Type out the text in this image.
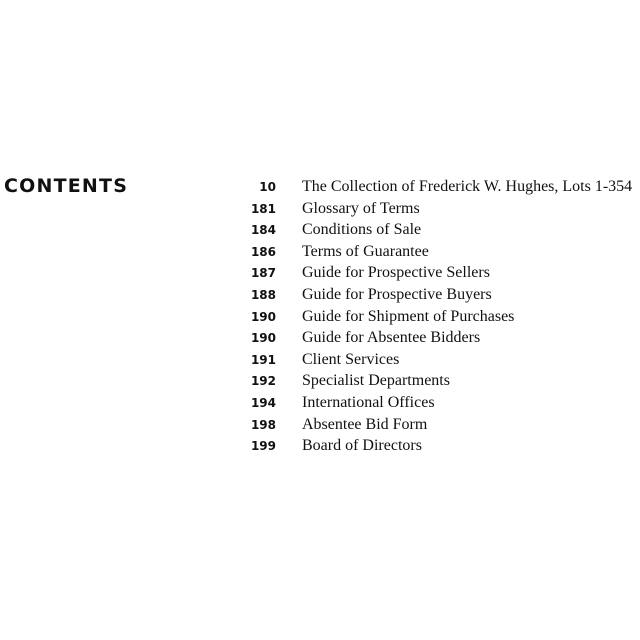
CONTENTS	10 The Collection of Frederick W. Hughes, Lots 1-354
181 Glossary of Terms
184 Conditions of Sale
186 Terms of Guarantee
187 Guide for Prospective Sellers
188 Guide for Prospective Buyers
190 Guide for Shipment of Purchases
190 Guide for Absentee Bidders
191 Client Services
192 Specialist Departments
194 International Offices
198 Absentee Bid Form
199 Board of Directors
